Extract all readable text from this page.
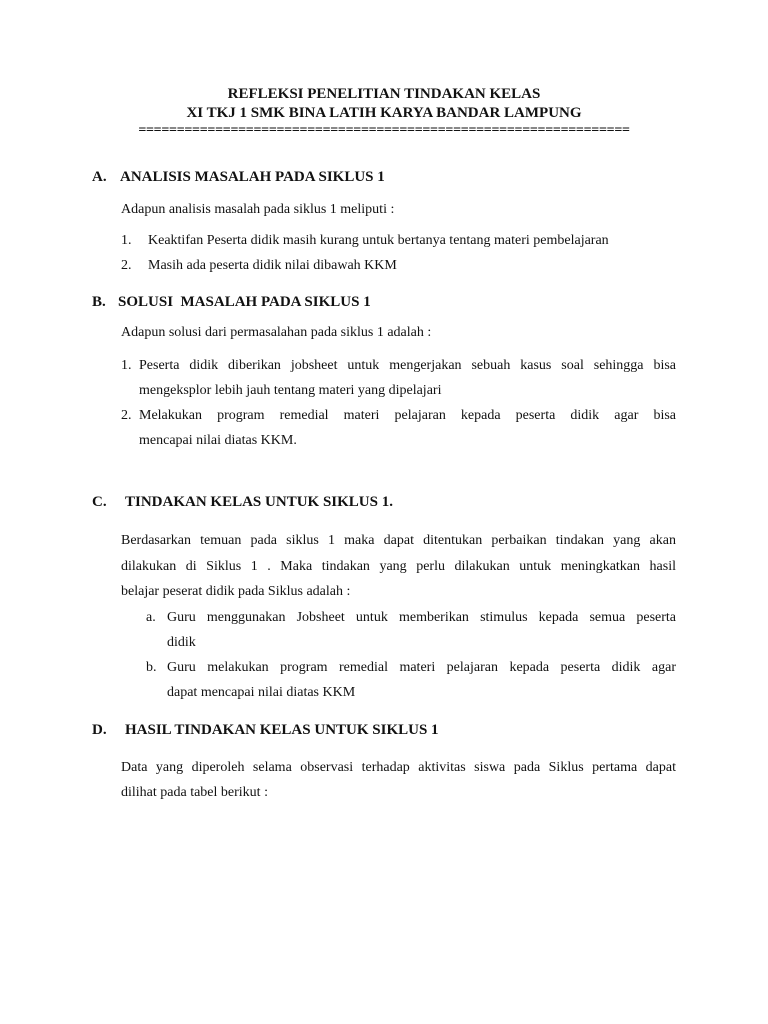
REFLEKSI PENELITIAN TINDAKAN KELAS
XI TKJ 1 SMK BINA LATIH KARYA BANDAR LAMPUNG
================================================================
A. ANALISIS MASALAH PADA SIKLUS 1
Adapun analisis masalah pada siklus 1 meliputi :
1. Keaktifan Peserta didik masih kurang untuk bertanya tentang materi pembelajaran
2. Masih ada peserta didik nilai dibawah KKM
B. SOLUSI  MASALAH PADA SIKLUS 1
Adapun solusi dari permasalahan pada siklus 1 adalah :
1. Peserta didik diberikan jobsheet untuk mengerjakan sebuah kasus soal sehingga bisa
mengeksplor lebih jauh tentang materi yang dipelajari
2. Melakukan program remedial materi pelajaran kepada peserta didik agar bisa
mencapai nilai diatas KKM.
C. TINDAKAN KELAS UNTUK SIKLUS 1.
Berdasarkan temuan pada siklus 1 maka dapat ditentukan perbaikan tindakan yang akan
dilakukan di Siklus 1 . Maka tindakan yang perlu dilakukan untuk meningkatkan hasil
belajar peserat didik pada Siklus adalah :
a. Guru menggunakan Jobsheet untuk memberikan stimulus kepada semua peserta
didik
b. Guru melakukan program remedial materi pelajaran kepada peserta didik agar
dapat mencapai nilai diatas KKM
D. HASIL TINDAKAN KELAS UNTUK SIKLUS 1
Data yang diperoleh selama observasi terhadap aktivitas siswa pada Siklus pertama dapat
dilihat pada tabel berikut :
